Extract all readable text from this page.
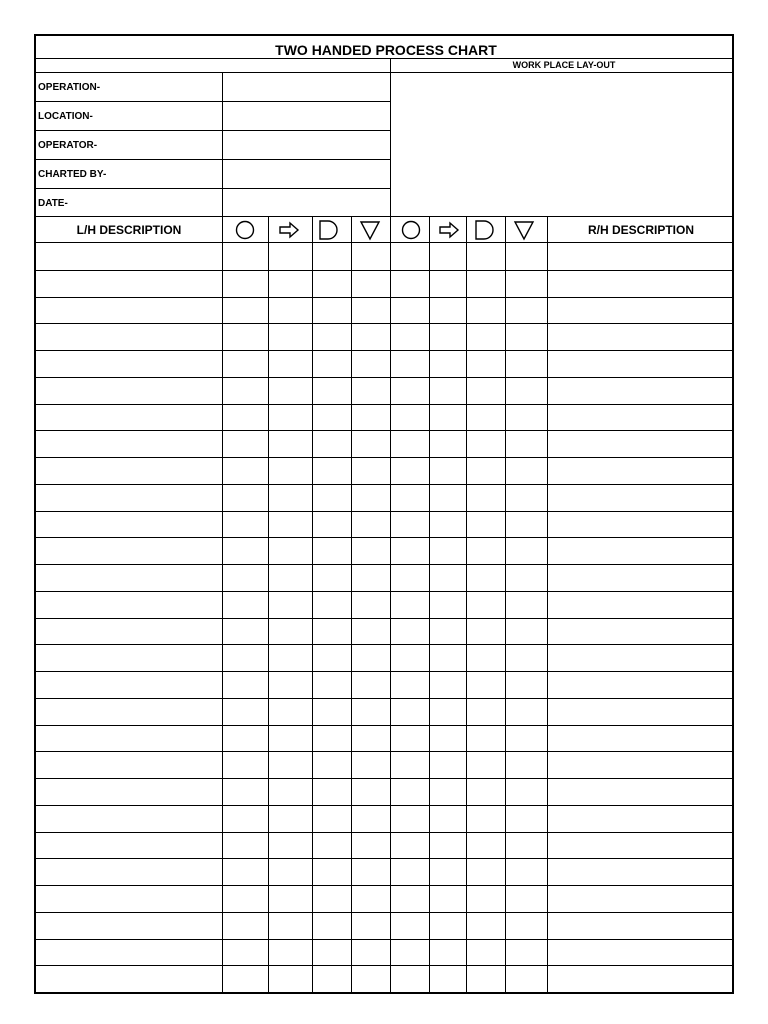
TWO HANDED PROCESS CHART
WORK PLACE LAY-OUT
OPERATION-
LOCATION-
OPERATOR-
CHARTED BY-
DATE-
L/H DESCRIPTION	R/H DESCRIPTION
